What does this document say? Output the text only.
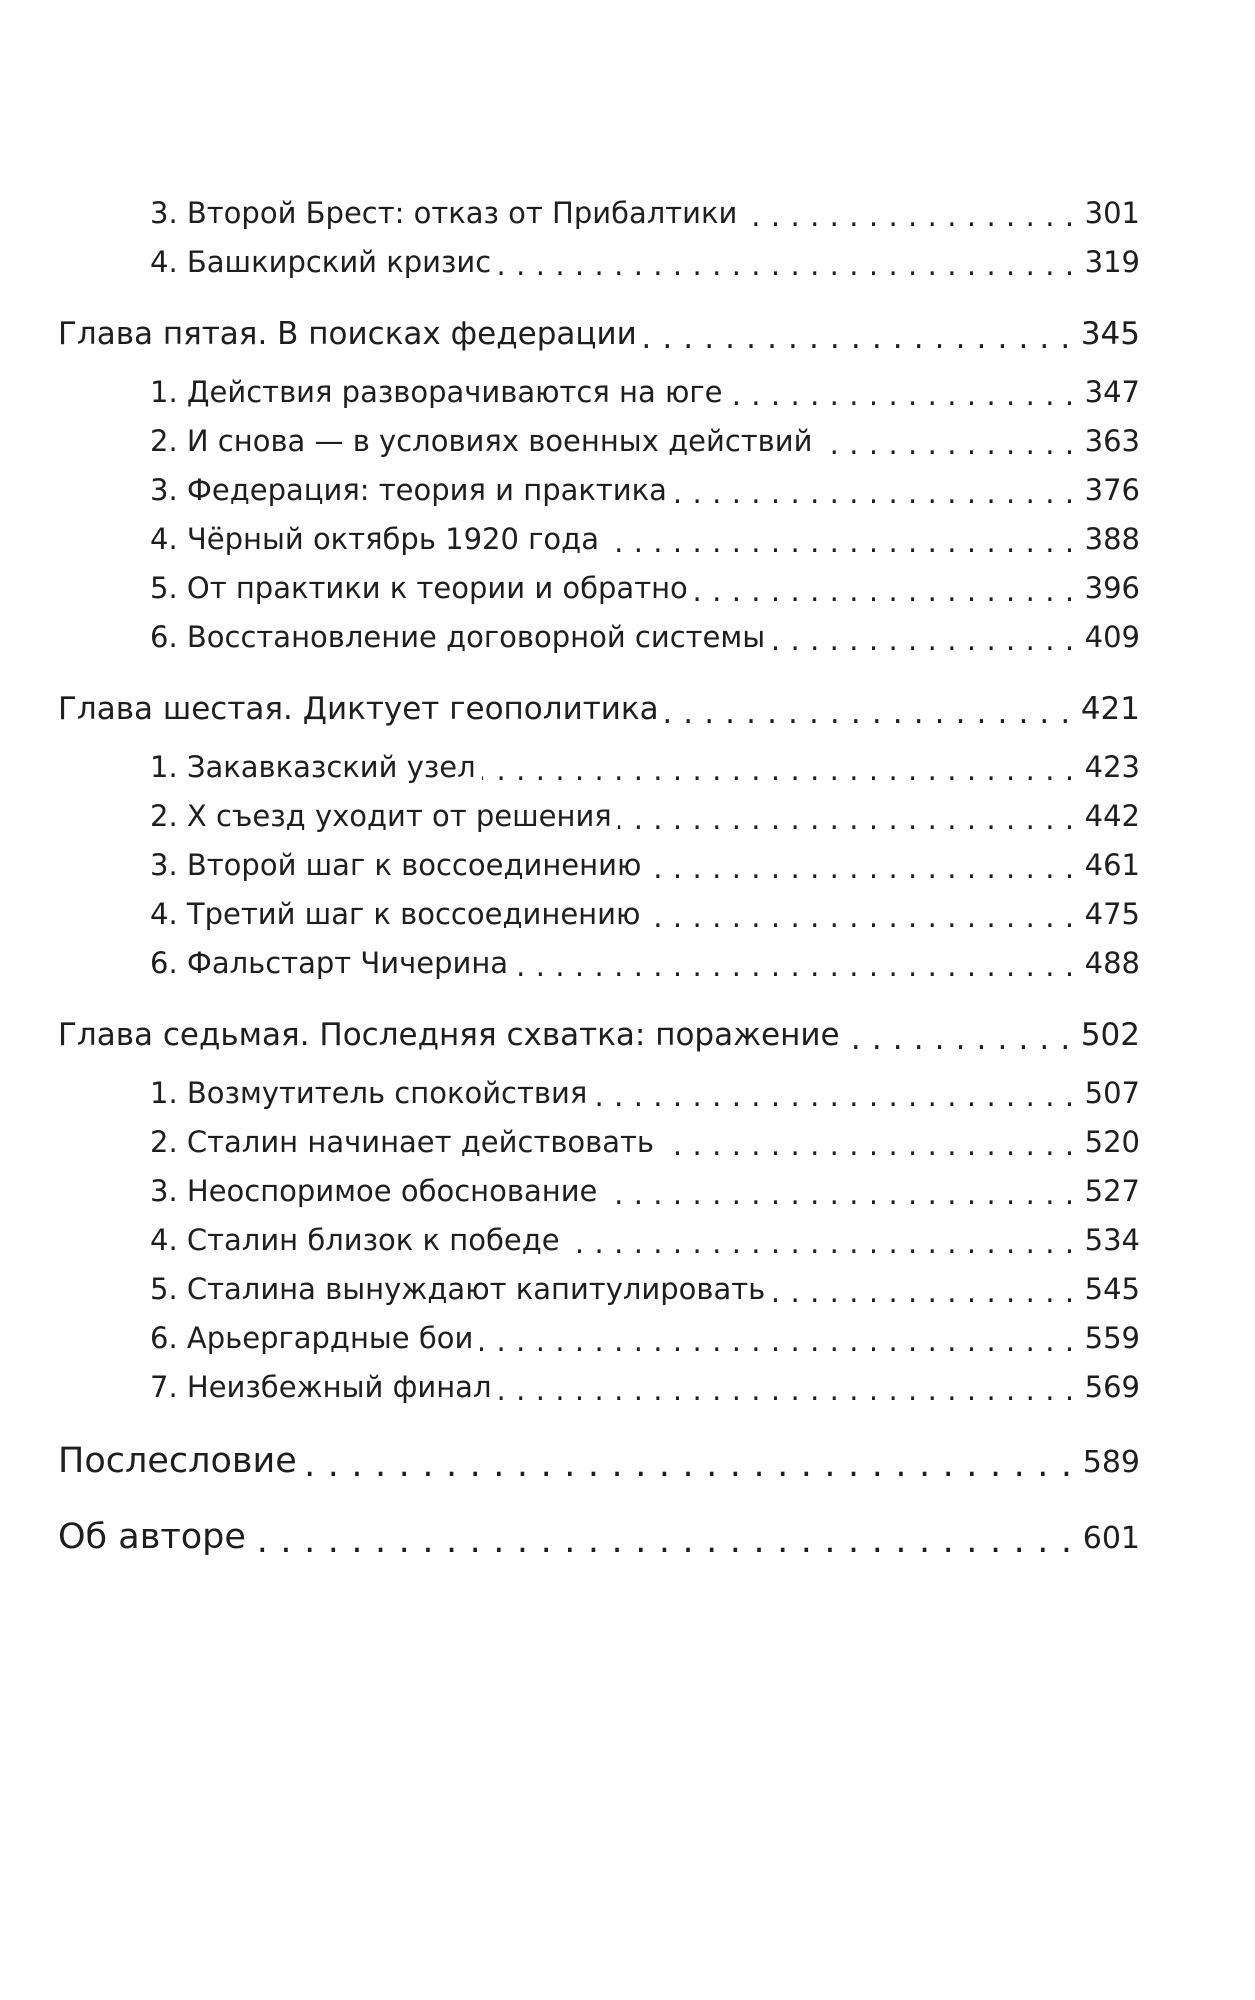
3. Второй Брест: отказ от Прибалтики . . .	301
4. Башкирский кризис . . .	319
Глава пятая. В поисках федерации . . .	345
1. Действия разворачиваются на юге . . .	347
2. И снова — в условиях военных действий . . .	363
3. Федерация: теория и практика . . .	376
4. Чёрный октябрь 1920 года . . .	388
5. От практики к теории и обратно . . .	396
6. Восстановление договорной системы . . .	409
Глава шестая. Диктует геополитика . . .	421
1. Закавказский узел . . .	423
2. X съезд уходит от решения . . .	442
3. Второй шаг к воссоединению . . .	461
4. Третий шаг к воссоединению . . .	475
6. Фальстарт Чичерина . . .	488
Глава седьмая. Последняя схватка: поражение . . .	502
1. Возмутитель спокойствия . . .	507
2. Сталин начинает действовать . . .	520
3. Неоспоримое обоснование . . .	527
4. Сталин близок к победе . . .	534
5. Сталина вынуждают капитулировать . . .	545
6. Арьергардные бои . . .	559
7. Неизбежный финал . . .	569
Послесловие . . .	589
Об авторе . . .	601
